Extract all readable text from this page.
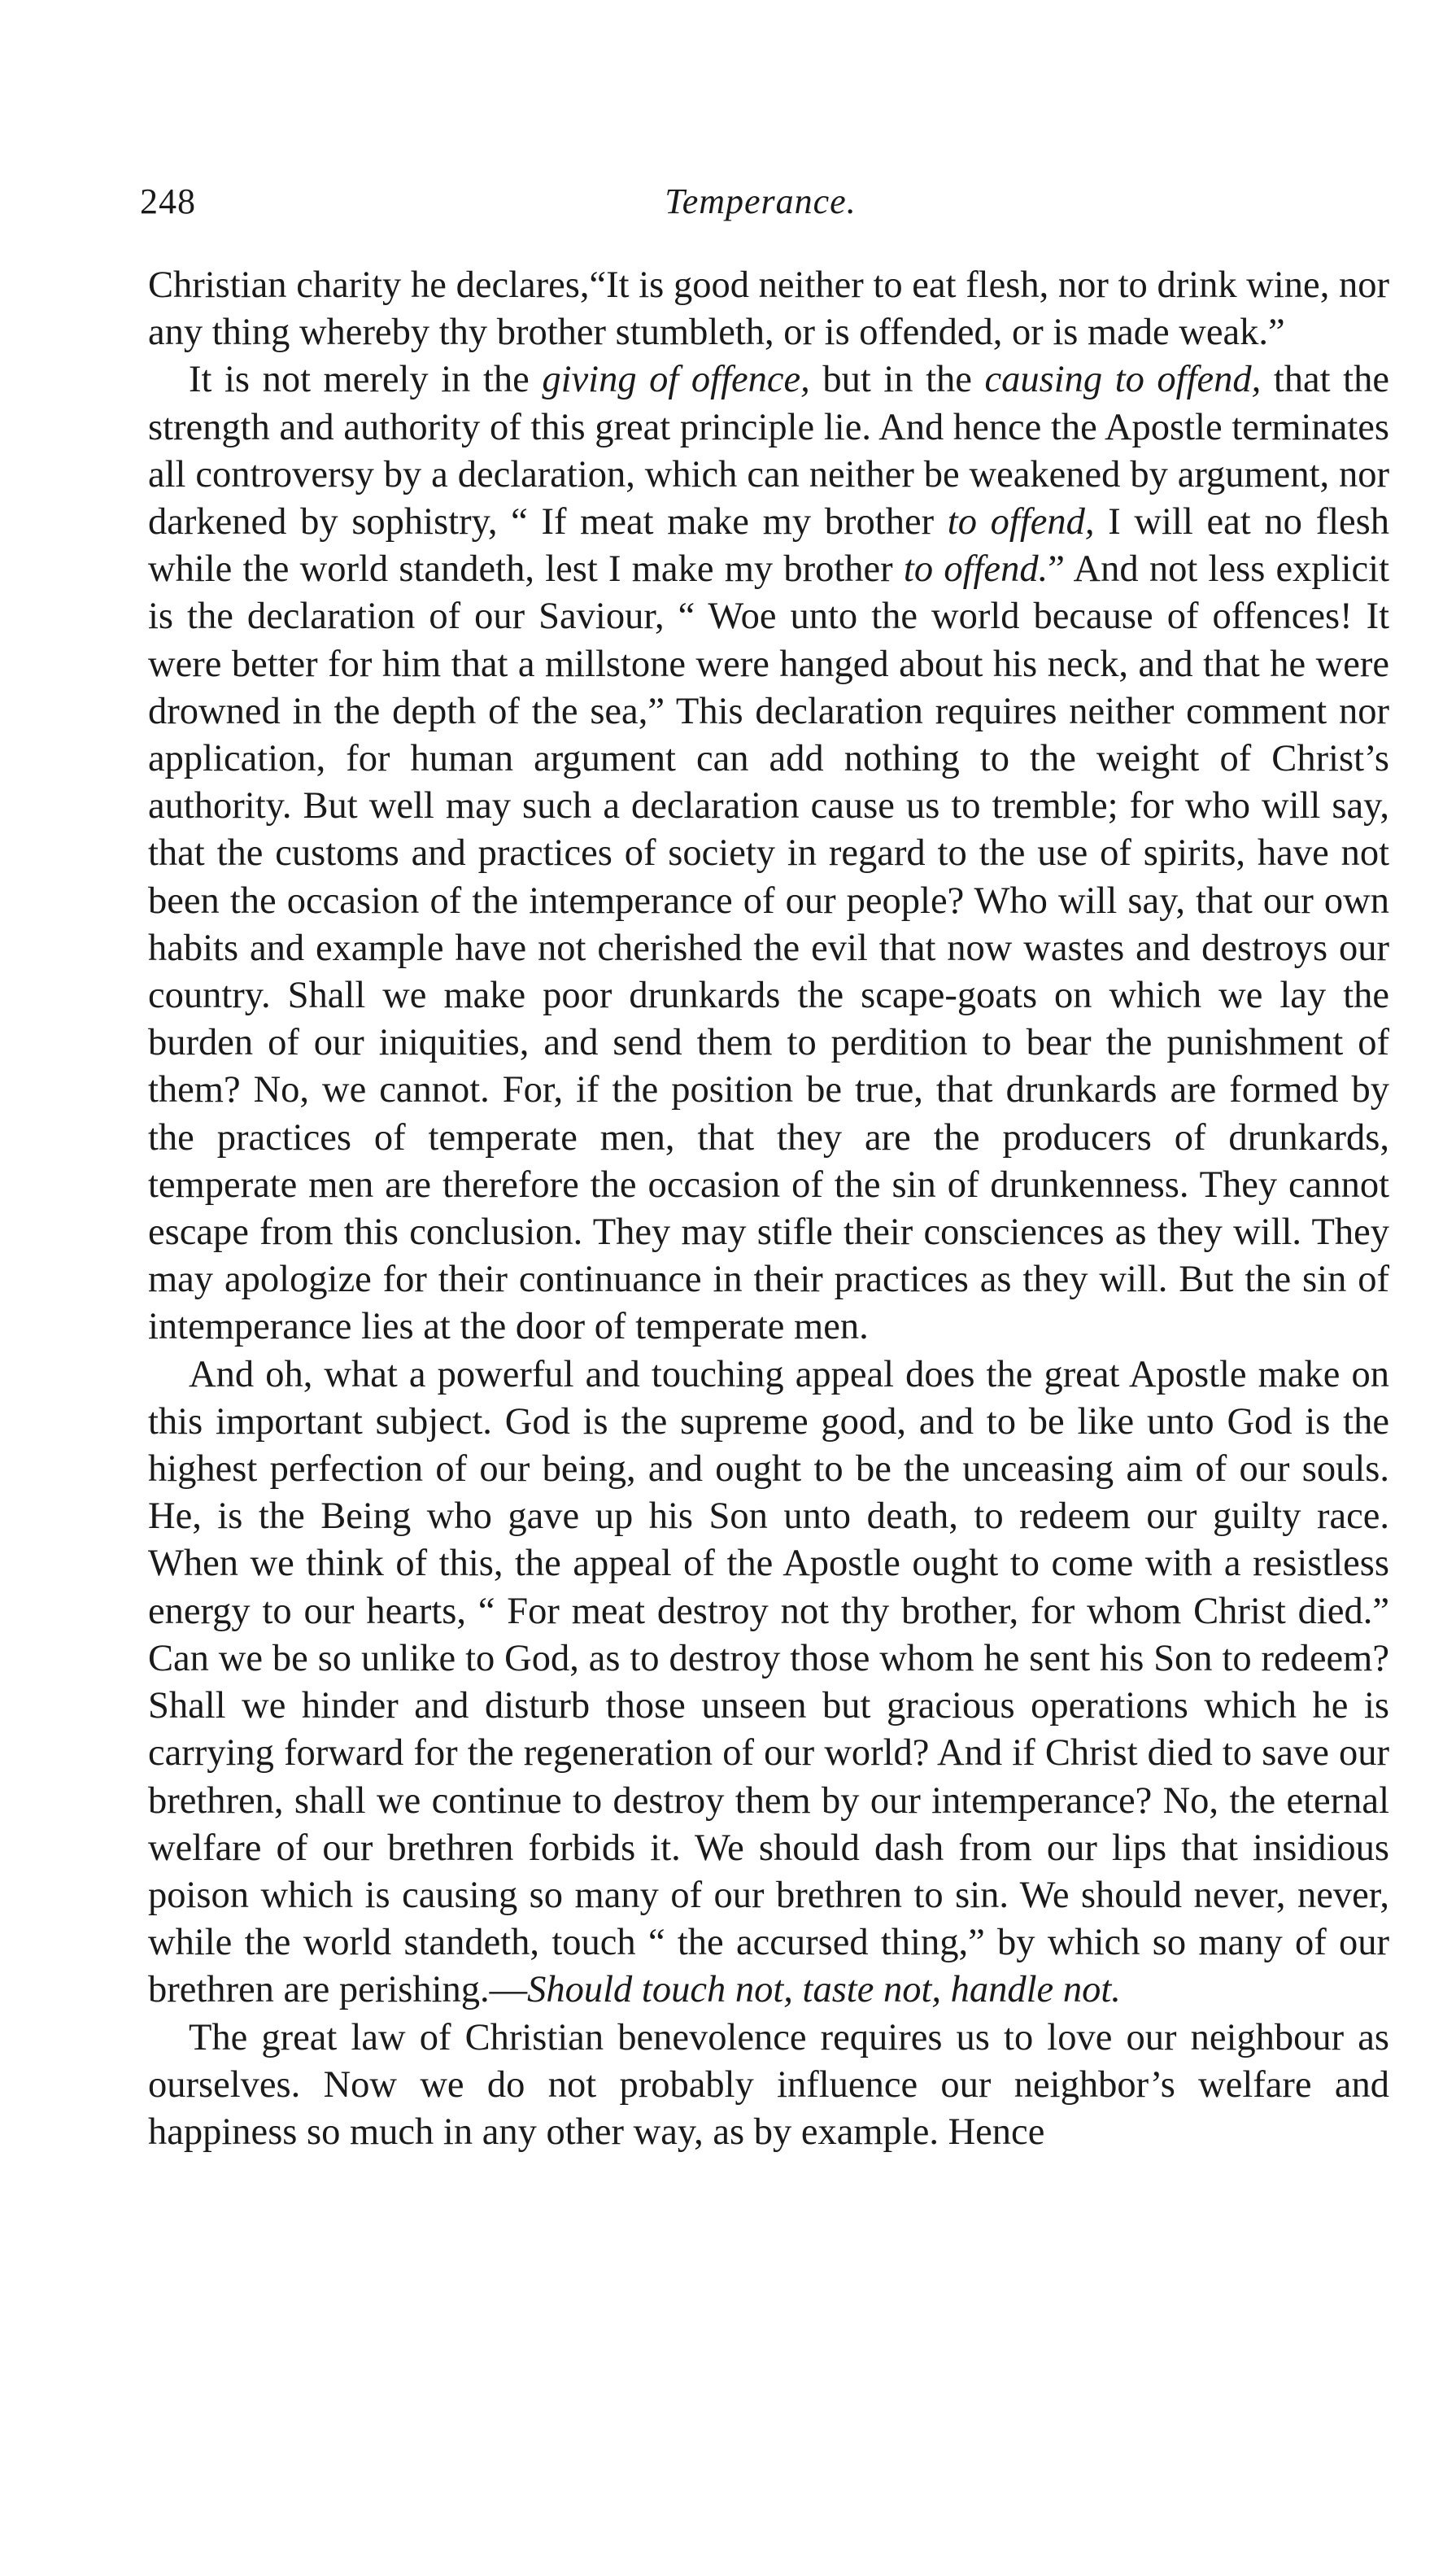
248	Temperance.

Christian charity he declares,“It is good neither to eat flesh, nor to drink wine, nor any thing whereby thy brother stumbleth, or is offended, or is made weak.”

It is not merely in the giving of offence, but in the causing to offend, that the strength and authority of this great principle lie. And hence the Apostle terminates all controversy by a declaration, which can neither be weakened by argument, nor darkened by sophistry, “ If meat make my brother to offend, I will eat no flesh while the world standeth, lest I make my brother to offend.” And not less explicit is the declaration of our Saviour, “ Woe unto the world because of offences! It were better for him that a millstone were hanged about his neck, and that he were drowned in the depth of the sea,” This declaration requires neither comment nor application, for human argument can add nothing to the weight of Christ’s authority. But well may such a declaration cause us to tremble; for who will say, that the customs and practices of society in regard to the use of spirits, have not been the occasion of the intemperance of our people? Who will say, that our own habits and example have not cherished the evil that now wastes and destroys our country. Shall we make poor drunkards the scape-goats on which we lay the burden of our iniquities, and send them to perdition to bear the punishment of them? No, we cannot. For, if the position be true, that drunkards are formed by the practices of temperate men, that they are the producers of drunkards, temperate men are therefore the occasion of the sin of drunkenness. They cannot escape from this conclusion. They may stifle their consciences as they will. They may apologize for their continuance in their practices as they will. But the sin of intemperance lies at the door of temperate men.

And oh, what a powerful and touching appeal does the great Apostle make on this important subject. God is the supreme good, and to be like unto God is the highest perfection of our being, and ought to be the unceasing aim of our souls. He, is the Being who gave up his Son unto death, to redeem our guilty race. When we think of this, the appeal of the Apostle ought to come with a resistless energy to our hearts, “ For meat destroy not thy brother, for whom Christ died.” Can we be so unlike to God, as to destroy those whom he sent his Son to redeem? Shall we hinder and disturb those unseen but gracious operations which he is carrying forward for the regeneration of our world? And if Christ died to save our brethren, shall we continue to destroy them by our intemperance? No, the eternal welfare of our brethren forbids it. We should dash from our lips that insidious poison which is causing so many of our brethren to sin. We should never, never, while the world standeth, touch “ the accursed thing,” by which so many of our brethren are perishing.—Should touch not, taste not, handle not.

The great law of Christian benevolence requires us to love our neighbour as ourselves. Now we do not probably influence our neighbor’s welfare and happiness so much in any other way, as by example. Hence
